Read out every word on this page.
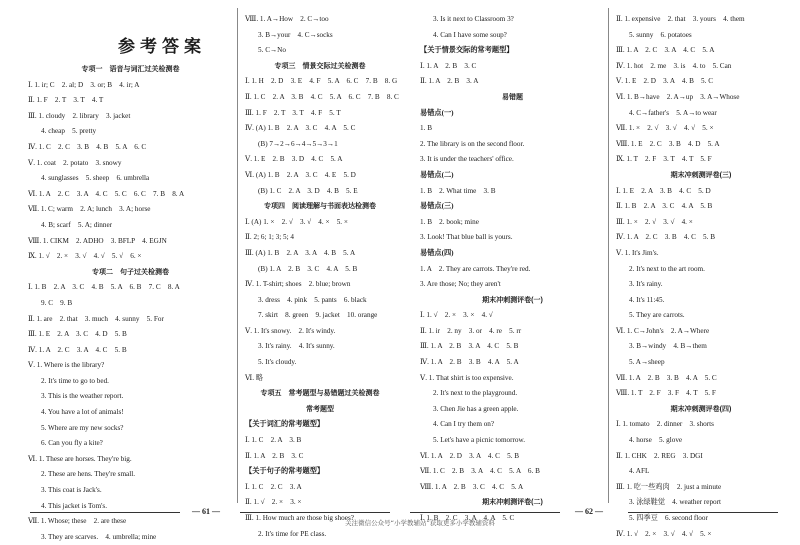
参考答案
专项一　语音与词汇过关检测卷
Ⅰ. 1. ir; C　2. al; D　3. or; B　4. ir; A
Ⅱ. 1. F　2. T　3. T　4. T
Ⅲ. 1. cloudy　2. library　3. jacket
4. cheap　5. pretty
Ⅳ. 1. C　2. C　3. B　4. B　5. A　6. C
Ⅴ. 1. coat　2. potato　3. snowy
4. sunglasses　5. sheep　6. umbrella
Ⅵ. 1. A　2. C　3. A　4. C　5. C　6. C　7. B　8. A
Ⅶ. 1. C; warm　2. A; lunch　3. A; horse
4. B; scarf　5. A; dinner
Ⅷ. 1. CIKM　2. ADHO　3. BFLP　4. EGJN
Ⅸ. 1. √　2. ×　3. √　4. √　5. √　6. ×
专项二　句子过关检测卷
Ⅰ. 1. B　2. A　3. C　4. B　5. A　6. B　7. C　8. A
9. C　9. B
Ⅱ. 1. are　2. that　3. much　4. sunny　5. For
Ⅲ. 1. E　2. A　3. C　4. D　5. B
Ⅳ. 1. A　2. C　3. A　4. C　5. B
Ⅴ. 1. Where is the library?
2. It's time to go to bed.
3. This is the weather report.
4. You have a lot of animals!
5. Where are my new socks?
6. Can you fly a kite?
Ⅵ. 1. These are horses. They're big.
2. These are hens. They're small.
3. This coat is Jack's.
4. This jacket is Tom's.
Ⅶ. 1. Whose; these　2. are these
3. They are scarves.　4. umbrella; mine
Ⅷ. 1. A→How　2. C→too
3. B→your　4. C→socks
5. C→No
专项三　情景交际过关检测卷
Ⅰ. 1. H　2. D　3. E　4. F　5. A　6. C　7. B　8. G
Ⅱ. 1. C　2. A　3. B　4. C　5. A　6. C　7. B　8. C
Ⅲ. 1. F　2. T　3. T　4. F　5. T
Ⅳ. (A) 1. B　2. A　3. C　4. A　5. C
(B) 7→2→6→4→5→3→1
Ⅴ. 1. E　2. B　3. D　4. C　5. A
Ⅵ. (A) 1. B　2. A　3. C　4. E　5. D
(B) 1. C　2. A　3. D　4. B　5. E
专项四　阅读理解与书面表达检测卷
Ⅰ. (A) 1. ×　2. √　3. √　4. ×　5. ×
Ⅱ. 2; 6; 1; 3; 5; 4
Ⅲ. (A) 1. B　2. A　3. A　4. B　5. A
(B) 1. A　2. B　3. C　4. A　5. B
Ⅳ. 1. T-shirt; shoes　2. blue; brown
3. dress　4. pink　5. pants　6. black
7. skirt　8. green　9. jacket　10. orange
Ⅴ. 1. It's snowy.　2. It's windy.
3. It's rainy.　4. It's sunny.
5. It's cloudy.
Ⅵ. 略
专项五　常考题型与易错题过关检测卷
常考题型
【关于词汇的常考题型】
Ⅰ. 1. C　2. A　3. B
Ⅱ. 1. A　2. B　3. C
【关于句子的常考题型】
Ⅰ. 1. C　2. C　3. A
Ⅱ. 1. √　2. ×　3. ×
Ⅲ. 1. How much are those big shoes?
2. It's time for PE class.
— 61 —
3. Is it next to Classroom 3?
4. Can I have some soup?
【关于情景交际的常考题型】
Ⅰ. 1. A　2. B　3. C
Ⅱ. 1. A　2. B　3. A
易错题
易错点(一)
1. B
2. The library is on the second floor.
3. It is under the teachers' office.
易错点(二)
1. B　2. What time　3. B
易错点(三)
1. B　2. book; mine
3. Look! That blue ball is yours.
易错点(四)
1. A　2. They are carrots. They're red.
3. Are those; No; they aren't
期末冲刺测评卷(一)
Ⅰ. 1. √　2. ×　3. ×　4. √
Ⅱ. 1. ir　2. ny　3. or　4. re　5. rr
Ⅲ. 1. A　2. B　3. A　4. C　5. B
Ⅳ. 1. A　2. B　3. B　4. A　5. A
Ⅴ. 1. That shirt is too expensive.
2. It's next to the playground.
3. Chen Jie has a green apple.
4. Can I try them on?
5. Let's have a picnic tomorrow.
Ⅵ. 1. A　2. D　3. A　4. C　5. B
Ⅶ. 1. C　2. B　3. A　4. C　5. A　6. B
Ⅷ. 1. A　2. B　3. C　4. C　5. A
期末冲刺测评卷(二)
Ⅰ. 1. B　2. C　3. A　4. A　5. C
Ⅱ. 1. expensive　2. that　3. yours　4. them
5. sunny　6. potatoes
Ⅲ. 1. A　2. C　3. A　4. C　5. A
Ⅳ. 1. hot　2. me　3. is　4. to　5. Can
Ⅴ. 1. E　2. D　3. A　4. B　5. C
Ⅵ. 1. B→have　2. A→up　3. A→Whose
4. C→father's　5. A→to wear
Ⅶ. 1. ×　2. √　3. √　4. √　5. ×
Ⅷ. 1. E　2. C　3. B　4. D　5. A
Ⅸ. 1. T　2. F　3. T　4. T　5. F
期末冲刺测评卷(三)
Ⅰ. 1. E　2. A　3. B　4. C　5. D
Ⅱ. 1. B　2. A　3. C　4. A　5. B
Ⅲ. 1. ×　2. √　3. √　4. ×
Ⅳ. 1. A　2. C　3. B　4. C　5. B
Ⅴ. 1. It's Jim's.
2. It's next to the art room.
3. It's rainy.
4. It's 11:45.
5. They are carrots.
Ⅵ. 1. C→John's　2. A→Where
3. B→windy　4. B→them
5. A→sheep
Ⅶ. 1. A　2. B　3. B　4. A　5. C
Ⅷ. 1. T　2. F　3. F　4. T　5. F
期末冲刺测评卷(四)
Ⅰ. 1. tomato　2. dinner　3. shorts
4. horse　5. glove
Ⅱ. 1. CHK　2. REG　3. DGI
4. AFL
Ⅲ. 1. 吃一些鸡肉　2. just a minute
3. 泳绿鞋觉　4. weather report
5. 四季豆　6. second floor
Ⅳ. 1. √　2. ×　3. √　4. √　5. ×
— 62 —
关注微信公众号“小学教辅站”获取更多小学教辅资料
